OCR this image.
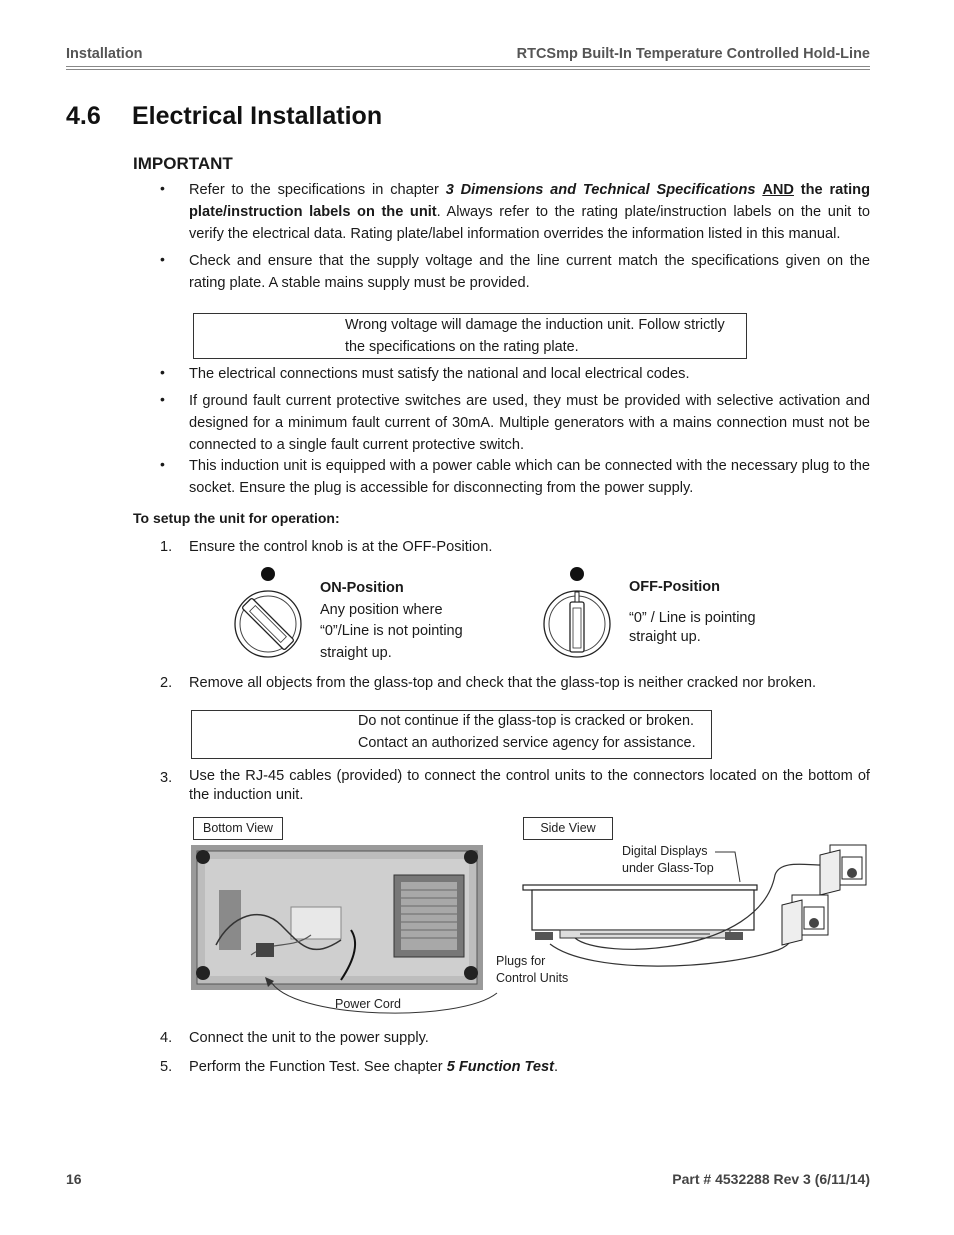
Installation	RTCSmp Built-In Temperature Controlled Hold-Line
4.6 Electrical Installation
IMPORTANT
• Refer to the specifications in chapter 3 Dimensions and Technical Specifications AND the rating plate/instruction labels on the unit. Always refer to the rating plate/instruction labels on the unit to verify the electrical data. Rating plate/label information overrides the information listed in this manual.
• Check and ensure that the supply voltage and the line current match the specifications given on the rating plate. A stable mains supply must be provided.
Wrong voltage will damage the induction unit. Follow strictly
the specifications on the rating plate.
• The electrical connections must satisfy the national and local electrical codes.
• If ground fault current protective switches are used, they must be provided with selective activation and designed for a minimum fault current of 30mA. Multiple generators with a mains connection must not be connected to a single fault current protective switch.
• This induction unit is equipped with a power cable which can be connected with the necessary plug to the socket. Ensure the plug is accessible for disconnecting from the power supply.
To setup the unit for operation:
1. Ensure the control knob is at the OFF-Position.
ON-Position
Any position where
“0”/Line is not pointing
straight up.
OFF-Position
“0” / Line is pointing
straight up.
2. Remove all objects from the glass-top and check that the glass-top is neither cracked nor broken.
Do not continue if the glass-top is cracked or broken.
Contact an authorized service agency for assistance.
3. Use the RJ-45 cables (provided) to connect the control units to the connectors located on the bottom of the induction unit.
Bottom View	Side View
Power Cord
Digital Displays
under Glass-Top
Plugs for
Control Units
4. Connect the unit to the power supply.
5. Perform the Function Test. See chapter 5 Function Test.
16	Part # 4532288 Rev 3 (6/11/14)
